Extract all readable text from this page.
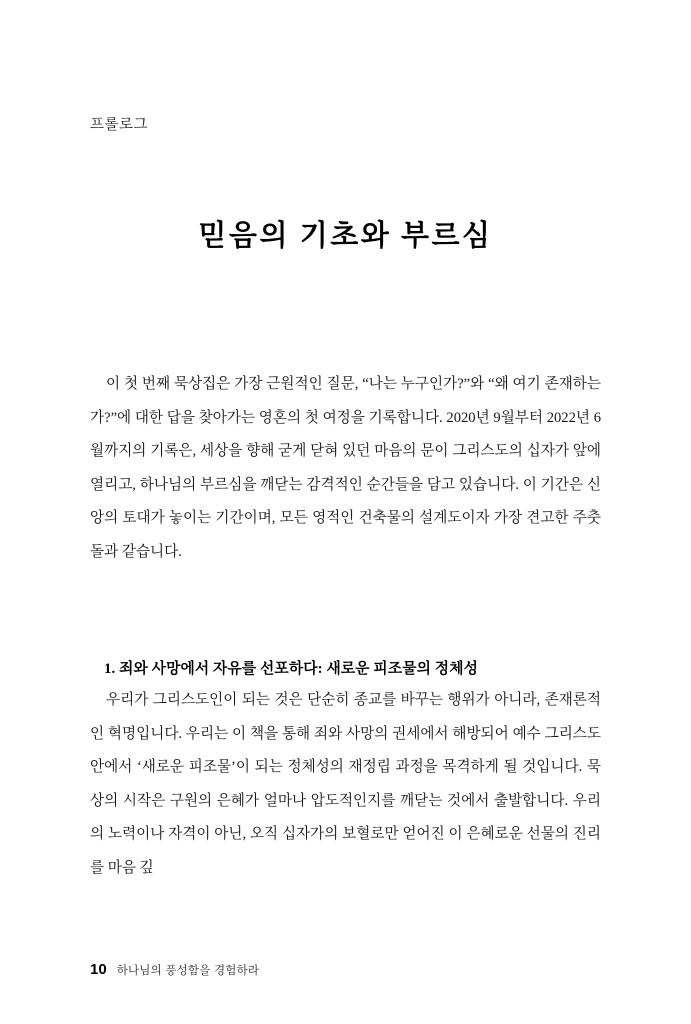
프롤로그
믿음의 기초와 부르심

이 첫 번째 묵상집은 가장 근원적인 질문, “나는 누구인가?”와 “왜 여기 존재하는가?”에 대한 답을 찾아가는 영혼의 첫 여정을 기록합니다. 2020년 9월부터 2022년 6월까지의 기록은, 세상을 향해 굳게 닫혀 있던 마음의 문이 그리스도의 십자가 앞에 열리고, 하나님의 부르심을 깨닫는 감격적인 순간들을 담고 있습니다. 이 기간은 신앙의 토대가 놓이는 기간이며, 모든 영적인 건축물의 설계도이자 가장 견고한 주춧돌과 같습니다.

1. 죄와 사망에서 자유를 선포하다: 새로운 피조물의 정체성

우리가 그리스도인이 되는 것은 단순히 종교를 바꾸는 행위가 아니라, 존재론적인 혁명입니다. 우리는 이 책을 통해 죄와 사망의 권세에서 해방되어 예수 그리스도 안에서 ‘새로운 피조물’이 되는 정체성의 재정립 과정을 목격하게 될 것입니다. 묵상의 시작은 구원의 은혜가 얼마나 압도적인지를 깨닫는 것에서 출발합니다. 우리의 노력이나 자격이 아닌, 오직 십자가의 보혈로만 얻어진 이 은혜로운 선물의 진리를 마음 깊

10 하나님의 풍성함을 경험하라
